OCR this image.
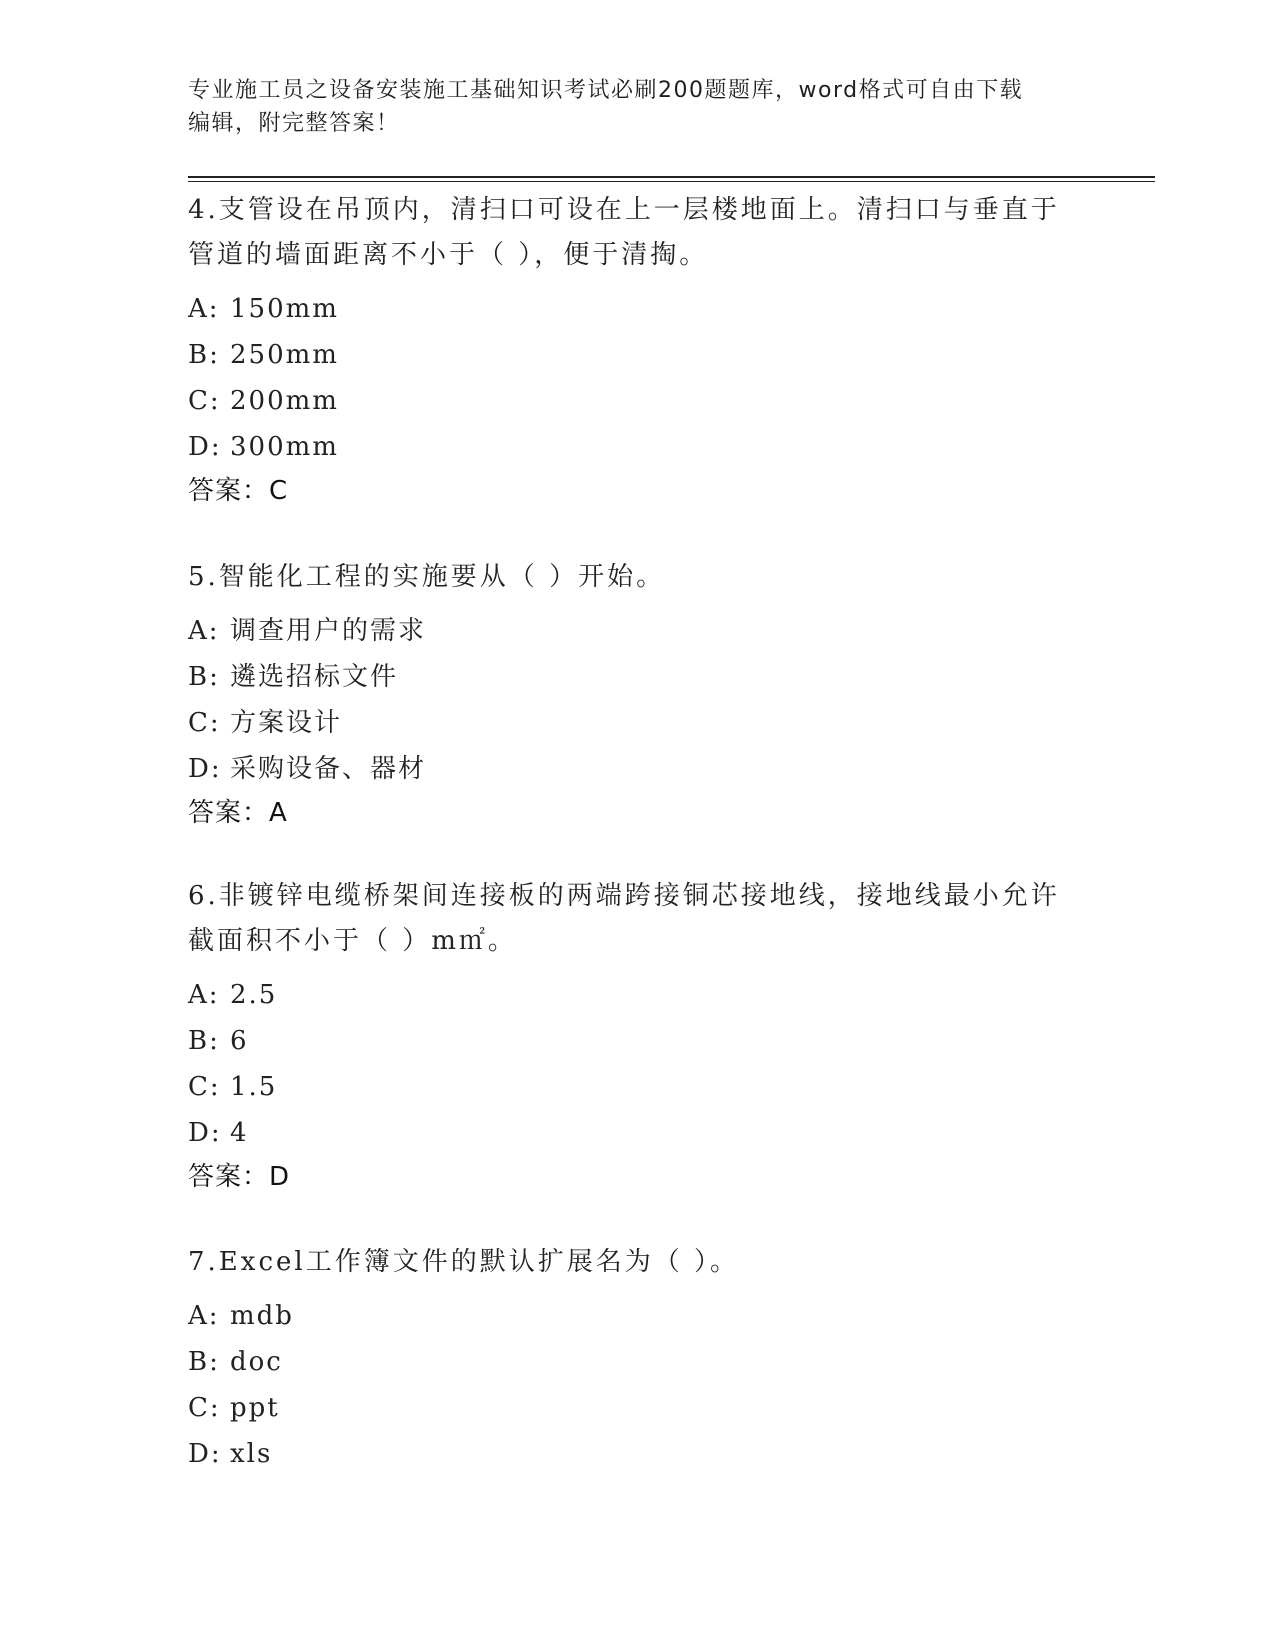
专业施工员之设备安装施工基础知识考试必刷200题题库，word格式可自由下载
编辑，附完整答案！
4.支管设在吊顶内，清扫口可设在上一层楼地面上。清扫口与垂直于
管道的墙面距离不小于（ ），便于清掏。
A: 150mm
B: 250mm
C: 200mm
D: 300mm
答案：C
5.智能化工程的实施要从（ ）开始。
A: 调查用户的需求
B: 遴选招标文件
C: 方案设计
D: 采购设备、器材
答案：A
6.非镀锌电缆桥架间连接板的两端跨接铜芯接地线，接地线最小允许
截面积不小于（ ）m㎡。
A: 2.5
B: 6
C: 1.5
D: 4
答案：D
7.Excel工作簿文件的默认扩展名为（ ）。
A: mdb
B: doc
C: ppt
D: xls
